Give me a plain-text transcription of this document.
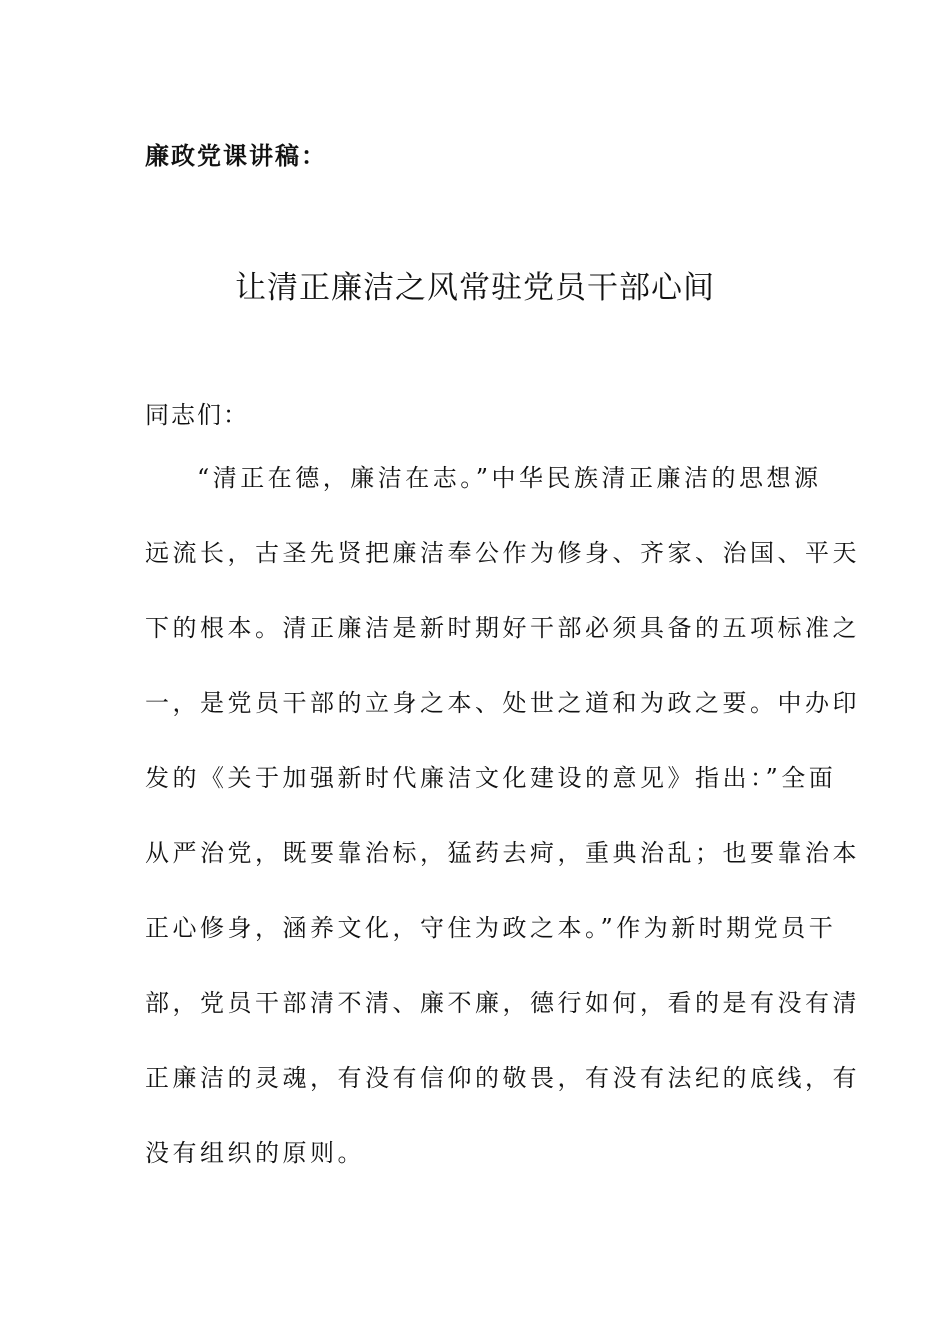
廉政党课讲稿：
让清正廉洁之风常驻党员干部心间
同志们：
“清正在德，廉洁在志。”中华民族清正廉洁的思想源
远流长，古圣先贤把廉洁奉公作为修身、齐家、治国、平天
下的根本。清正廉洁是新时期好干部必须具备的五项标准之
一，是党员干部的立身之本、处世之道和为政之要。中办印
发的《关于加强新时代廉洁文化建设的意见》指出：”全面
从严治党，既要靠治标，猛药去疴，重典治乱；也要靠治本
正心修身，涵养文化，守住为政之本。”作为新时期党员干
部，党员干部清不清、廉不廉，德行如何，看的是有没有清
正廉洁的灵魂，有没有信仰的敬畏，有没有法纪的底线，有
没有组织的原则。
